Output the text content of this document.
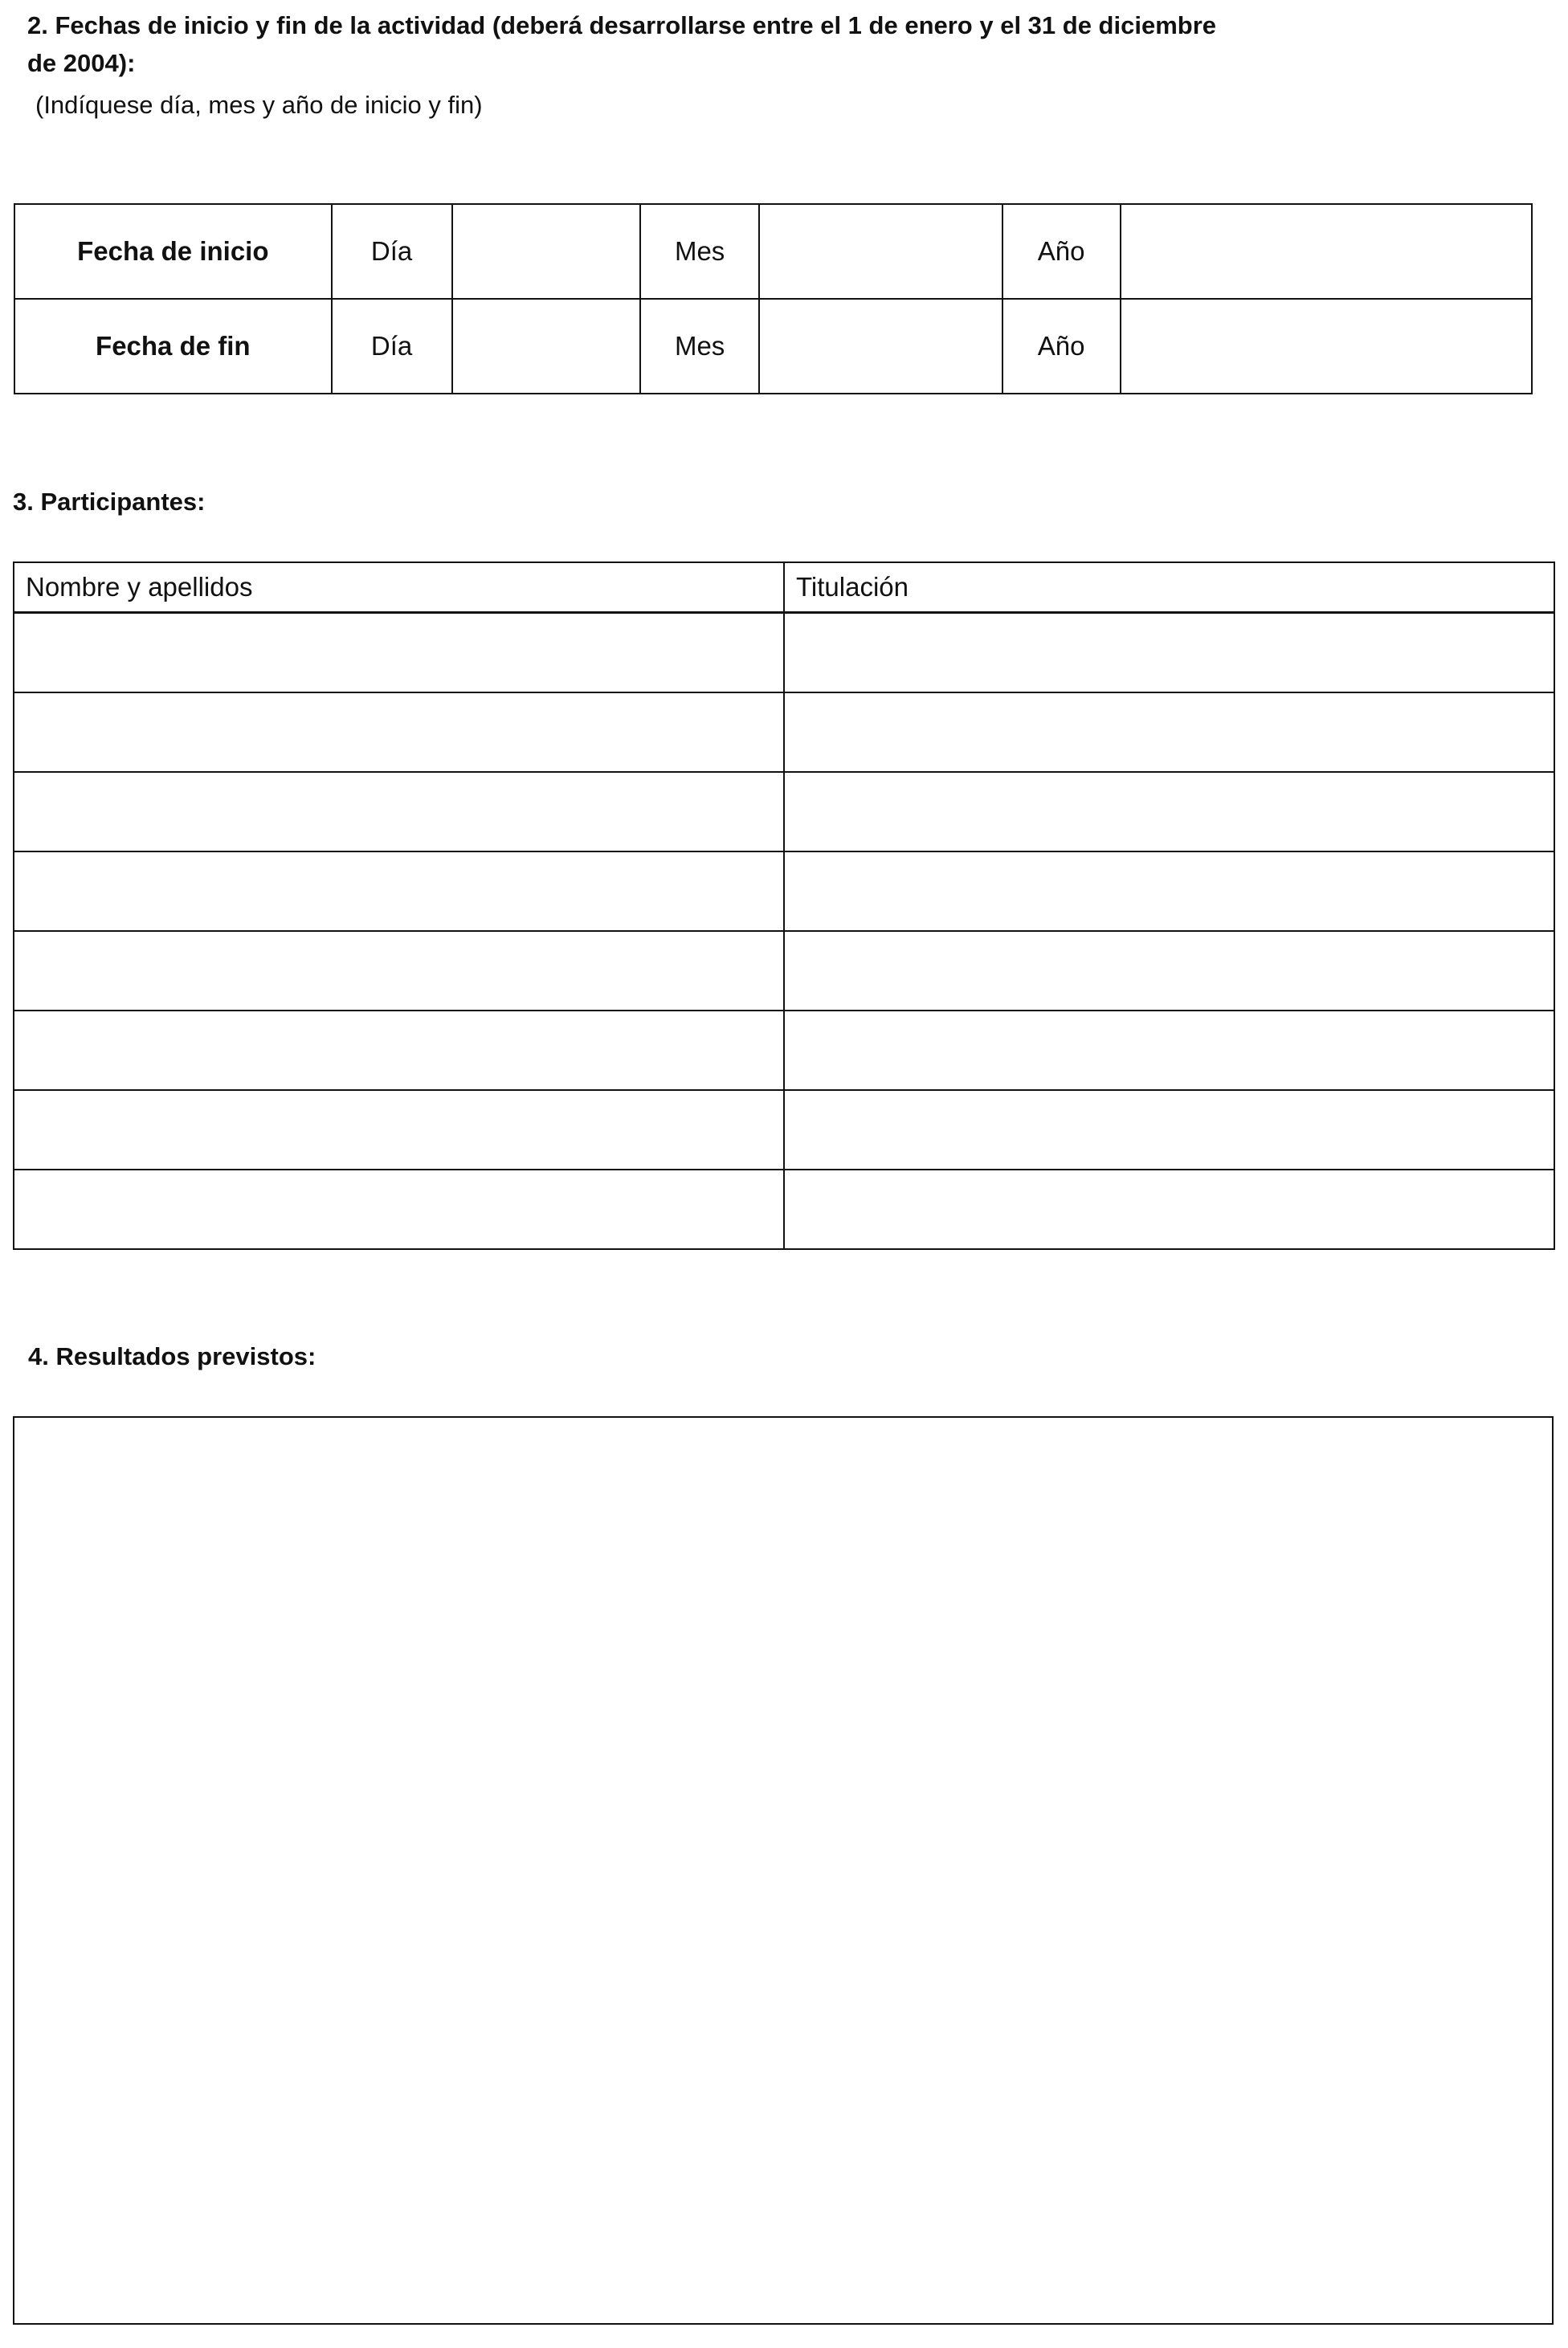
2. Fechas de inicio y fin de la actividad (deberá desarrollarse entre el 1 de enero y el 31 de diciembre

de 2004):

(Indíquese día, mes y año de inicio y fin)

Fecha de inicio	Día		Mes		Año	
Fecha de fin	Día		Mes		Año	

3. Participantes:

Nombre y apellidos	Titulación

4. Resultados previstos:
